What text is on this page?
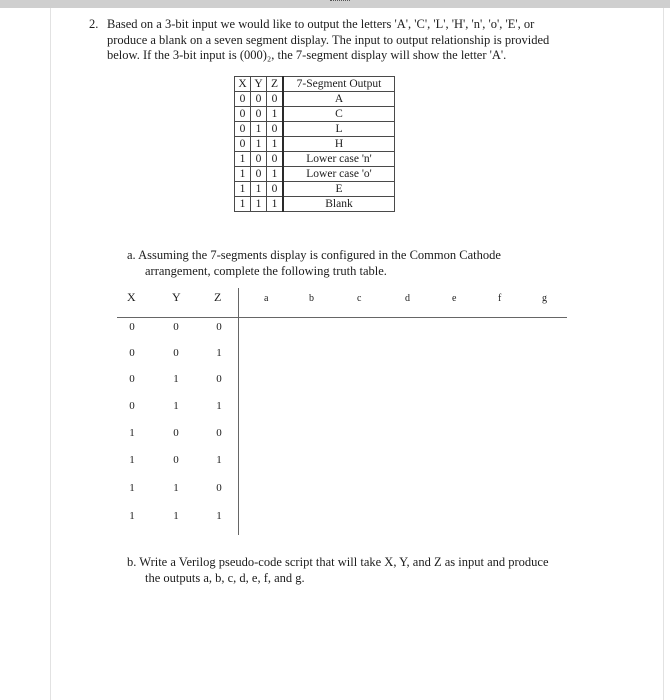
2. Based on a 3-bit input we would like to output the letters 'A', 'C', 'L', 'H', 'n', 'o', 'E', or
produce a blank on a seven segment display. The input to output relationship is provided
below. If the 3-bit input is (000)₂, the 7-segment display will show the letter 'A'.

X	Y	Z	7-Segment Output
0	0	0	A
0	0	1	C
0	1	0	L
0	1	1	H
1	0	0	Lower case 'n'
1	0	1	Lower case 'o'
1	1	0	E
1	1	1	Blank

a. Assuming the 7-segments display is configured in the Common Cathode
arrangement, complete the following truth table.

X	Y	Z	a	b	c	d	e	f	g
0	0	0
0	0	1
0	1	0
0	1	1
1	0	0
1	0	1
1	1	0
1	1	1

b. Write a Verilog pseudo-code script that will take X, Y, and Z as input and produce
the outputs a, b, c, d, e, f, and g.
